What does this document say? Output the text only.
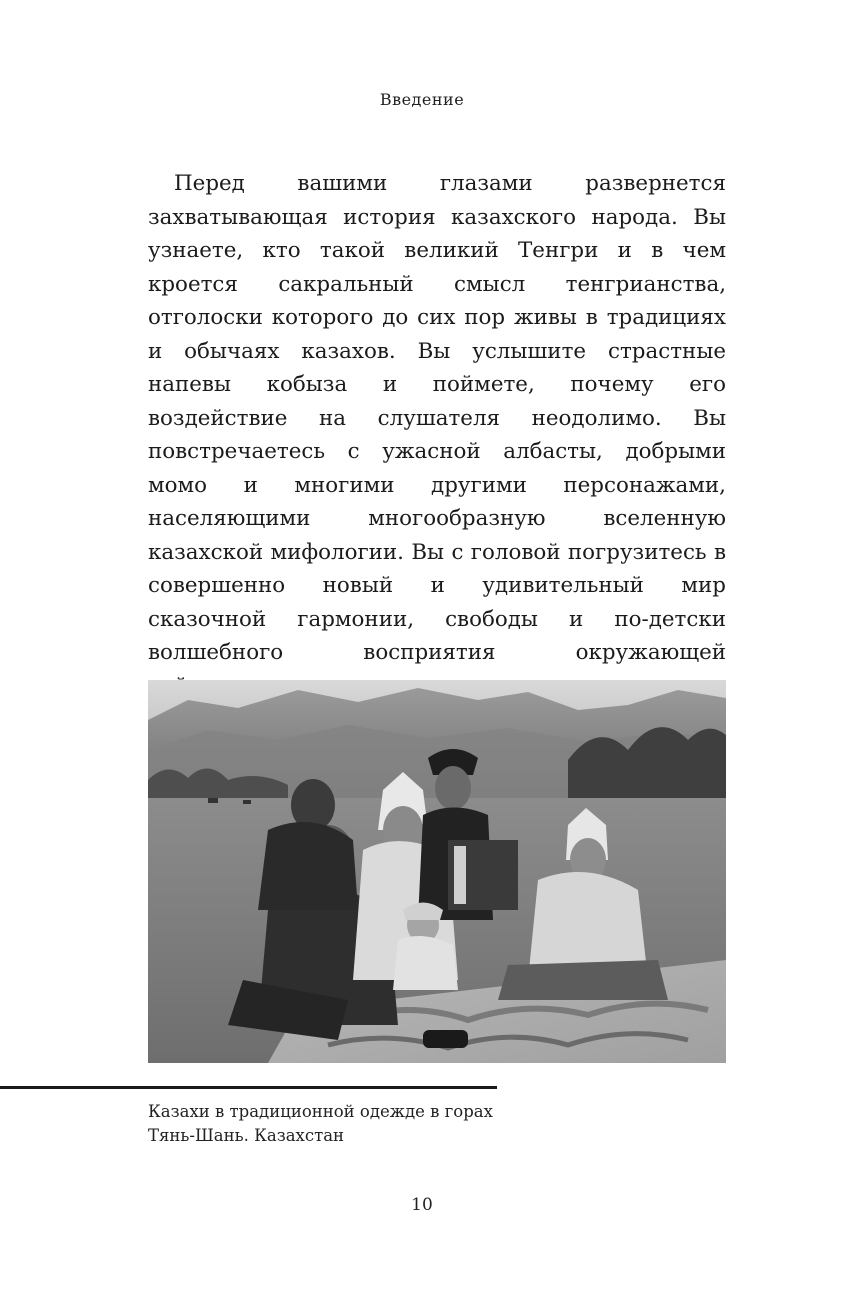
Введение

Перед вашими глазами развернется захватывающая история казахского народа. Вы узнаете, кто такой великий Тенгри и в чем кроется сакральный смысл тенгрианства, отголоски которого до сих пор живы в традициях и обычаях казахов. Вы услышите страстные напевы кобыза и поймете, почему его воздействие на слушателя неодолимо. Вы повстречаетесь с ужасной албасты, добрыми момо и многими другими персонажами, населяющими многообразную вселенную казахской мифологии. Вы с головой погрузитесь в совершенно новый и удивительный мир сказочной гармонии, свободы и по-детски волшебного восприятия окружающей

Казахи в традиционной одежде в горах
Тянь-Шань. Казахстан
10
